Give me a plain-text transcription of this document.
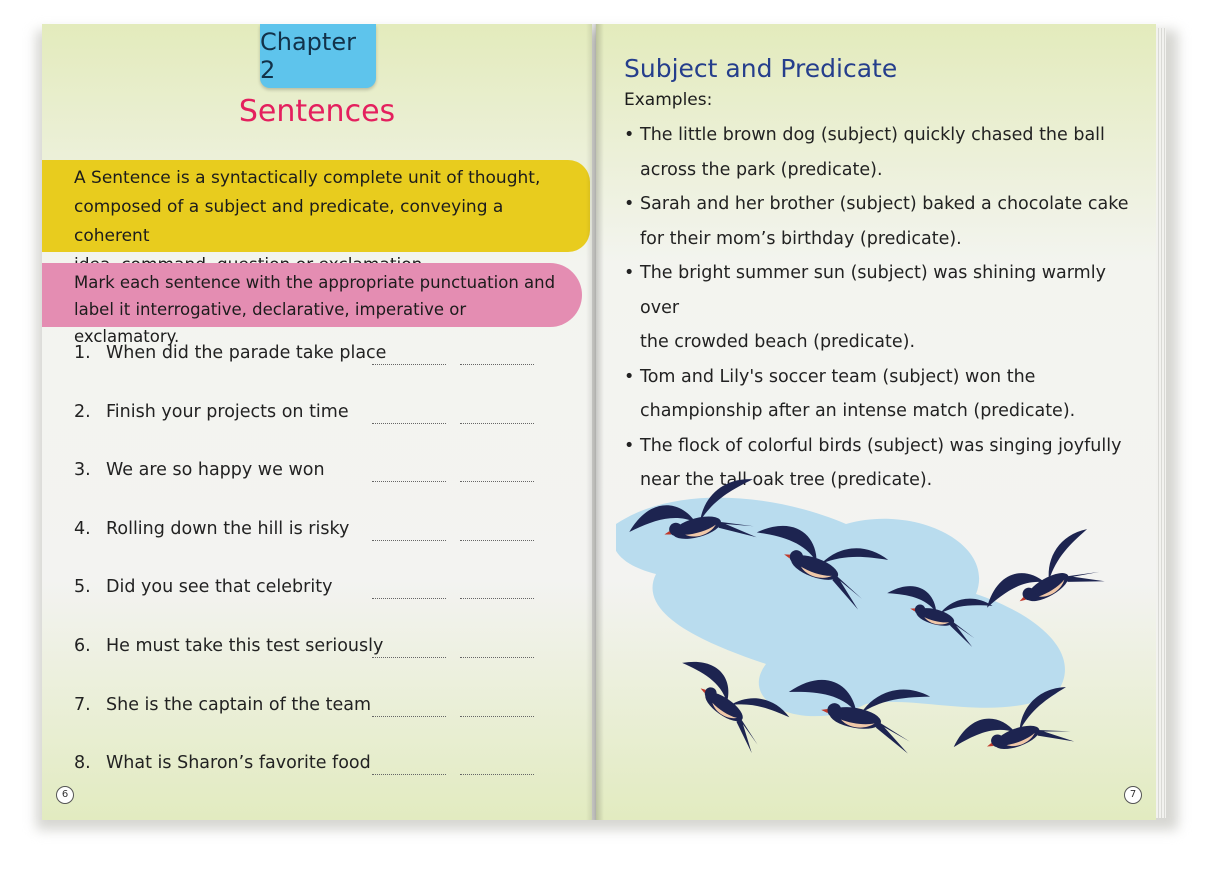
Chapter 2
Sentences
A Sentence is a syntactically complete unit of thought,
composed of a subject and predicate, conveying a coherent
Mark each sentence with the appropriate punctuation and
label it interrogative, declarative, imperative or exclamatory.
1. When did the parade take place
2. Finish your projects on time
3. We are so happy we won
4. Rolling down the hill is risky
5. Did you see that celebrity
6. He must take this test seriously
7. She is the captain of the team
8. What is Sharon’s favorite food
6
Subject and Predicate
Examples:
• The little brown dog (subject) quickly chased the ball
across the park (predicate).
• Sarah and her brother (subject) baked a chocolate cake
for their mom’s birthday (predicate).
• The bright summer sun (subject) was shining warmly over
the crowded beach (predicate).
• Tom and Lily's soccer team (subject) won the
championship after an intense match (predicate).
• The flock of colorful birds (subject) was singing joyfully
near the tall oak tree (predicate).
7
